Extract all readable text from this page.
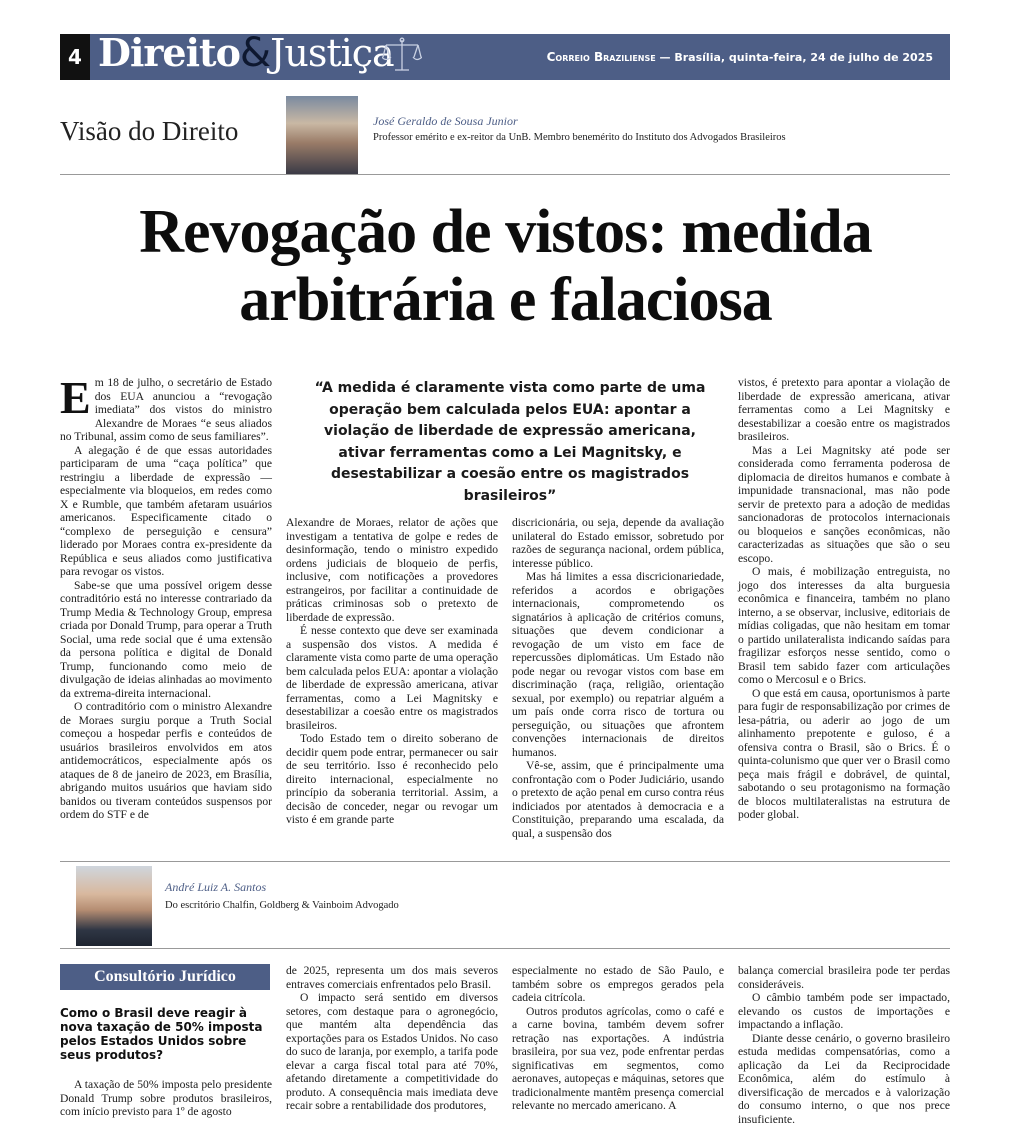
4 Direito&Justiça	Correio Braziliense — Brasília, quinta-feira, 24 de julho de 2025
Visão do Direito	José Geraldo de Sousa Junior
Professor emérito e ex-reitor da UnB. Membro benemérito do Instituto dos Advogados Brasileiros
Revogação de vistos: medida
arbitrária e falaciosa

Em 18 de julho, o secretário de Estado dos EUA anunciou a “revogação imediata” dos vistos do ministro Alexandre de Moraes “e seus aliados no Tribunal, assim como de seus familiares”.

A alegação é de que essas autoridades participaram de uma “caça política” que restringiu a liberdade de expressão — especialmente via bloqueios, em redes como X e Rumble, que também afetaram usuários americanos. Especificamente citado o “complexo de perseguição e censura” liderado por Moraes contra ex-presidente da República e seus aliados como justificativa para revogar os vistos.

Sabe-se que uma possível origem desse contraditório está no interesse contrariado da Trump Media & Technology Group, empresa criada por Donald Trump, para operar a Truth Social, uma rede social que é uma extensão da persona política e digital de Donald Trump, funcionando como meio de divulgação de ideias alinhadas ao movimento da extrema-direita internacional.

O contraditório com o ministro Alexandre de Moraes surgiu porque a Truth Social começou a hospedar perfis e conteúdos de usuários brasileiros envolvidos em atos antidemocráticos, especialmente após os ataques de 8 de janeiro de 2023, em Brasília, abrigando muitos usuários que haviam sido banidos ou tiveram conteúdos suspensos por ordem do STF e de

“A medida é claramente vista como parte de uma operação bem calculada pelos EUA: apontar a violação de liberdade de expressão americana, ativar ferramentas como a Lei Magnitsky, e desestabilizar a coesão entre os magistrados brasileiros”

Alexandre de Moraes, relator de ações que investigam a tentativa de golpe e redes de desinformação, tendo o ministro expedido ordens judiciais de bloqueio de perfis, inclusive, com notificações a provedores estrangeiros, por facilitar a continuidade de práticas criminosas sob o pretexto de liberdade de expressão.

É nesse contexto que deve ser examinada a suspensão dos vistos. A medida é claramente vista como parte de uma operação bem calculada pelos EUA: apontar a violação de liberdade de expressão americana, ativar ferramentas, como a Lei Magnitsky e desestabilizar a coesão entre os magistrados brasileiros.

Todo Estado tem o direito soberano de decidir quem pode entrar, permanecer ou sair de seu território. Isso é reconhecido pelo direito internacional, especialmente no princípio da soberania territorial. Assim, a decisão de conceder, negar ou revogar um visto é em grande parte

discricionária, ou seja, depende da avaliação unilateral do Estado emissor, sobretudo por razões de segurança nacional, ordem pública, interesse público.

Mas há limites a essa discricionariedade, referidos a acordos e obrigações internacionais, comprometendo os signatários à aplicação de critérios comuns, situações que devem condicionar a revogação de um visto em face de repercussões diplomáticas. Um Estado não pode negar ou revogar vistos com base em discriminação (raça, religião, orientação sexual, por exemplo) ou repatriar alguém a um país onde corra risco de tortura ou perseguição, ou situações que afrontem convenções internacionais de direitos humanos.

Vê-se, assim, que é principalmente uma confrontação com o Poder Judiciário, usando o pretexto de ação penal em curso contra réus indiciados por atentados à democracia e a Constituição, preparando uma escalada, da qual, a suspensão dos

vistos, é pretexto para apontar a violação de liberdade de expressão americana, ativar ferramentas como a Lei Magnitsky e desestabilizar a coesão entre os magistrados brasileiros.

Mas a Lei Magnitsky até pode ser considerada como ferramenta poderosa de diplomacia de direitos humanos e combate à impunidade transnacional, mas não pode servir de pretexto para a adoção de medidas sancionadoras de protocolos internacionais ou bloqueios e sanções econômicas, não caracterizadas as situações que são o seu escopo.

O mais, é mobilização entreguista, no jogo dos interesses da alta burguesia econômica e financeira, também no plano interno, a se observar, inclusive, editoriais de mídias coligadas, que não hesitam em tomar o partido unilateralista indicando saídas para fragilizar esforços nesse sentido, como o Brasil tem sabido fazer com articulações como o Mercosul e o Brics.

O que está em causa, oportunismos à parte para fugir de responsabilização por crimes de lesa-pátria, ou aderir ao jogo de um alinhamento prepotente e guloso, é a ofensiva contra o Brasil, são o Brics. É o quinta-colunismo que quer ver o Brasil como peça mais frágil e dobrável, de quintal, sabotando o seu protagonismo na formação de blocos multilateralistas na estrutura de poder global.

André Luiz A. Santos
Do escritório Chalfin, Goldberg & Vainboim Advogado
Consultório Jurídico
Como o Brasil deve reagir à nova taxação de 50% imposta pelos Estados Unidos sobre seus produtos?

A taxação de 50% imposta pelo presidente Donald Trump sobre produtos brasileiros, com início previsto para 1º de agosto

de 2025, representa um dos mais severos entraves comerciais enfrentados pelo Brasil.

O impacto será sentido em diversos setores, com destaque para o agronegócio, que mantém alta dependência das exportações para os Estados Unidos. No caso do suco de laranja, por exemplo, a tarifa pode elevar a carga fiscal total para até 70%, afetando diretamente a competitividade do produto. A consequência mais imediata deve recair sobre a rentabilidade dos produtores,

especialmente no estado de São Paulo, e também sobre os empregos gerados pela cadeia citrícola.

Outros produtos agrícolas, como o café e a carne bovina, também devem sofrer retração nas exportações. A indústria brasileira, por sua vez, pode enfrentar perdas significativas em segmentos, como aeronaves, autopeças e máquinas, setores que tradicionalmente mantêm presença comercial relevante no mercado americano. A

balança comercial brasileira pode ter perdas consideráveis.

O câmbio também pode ser impactado, elevando os custos de importações e impactando a inflação.

Diante desse cenário, o governo brasileiro estuda medidas compensatórias, como a aplicação da Lei da Reciprocidade Econômica, além do estímulo à diversificação de mercados e à valorização do consumo interno, o que nos prece insuficiente.
